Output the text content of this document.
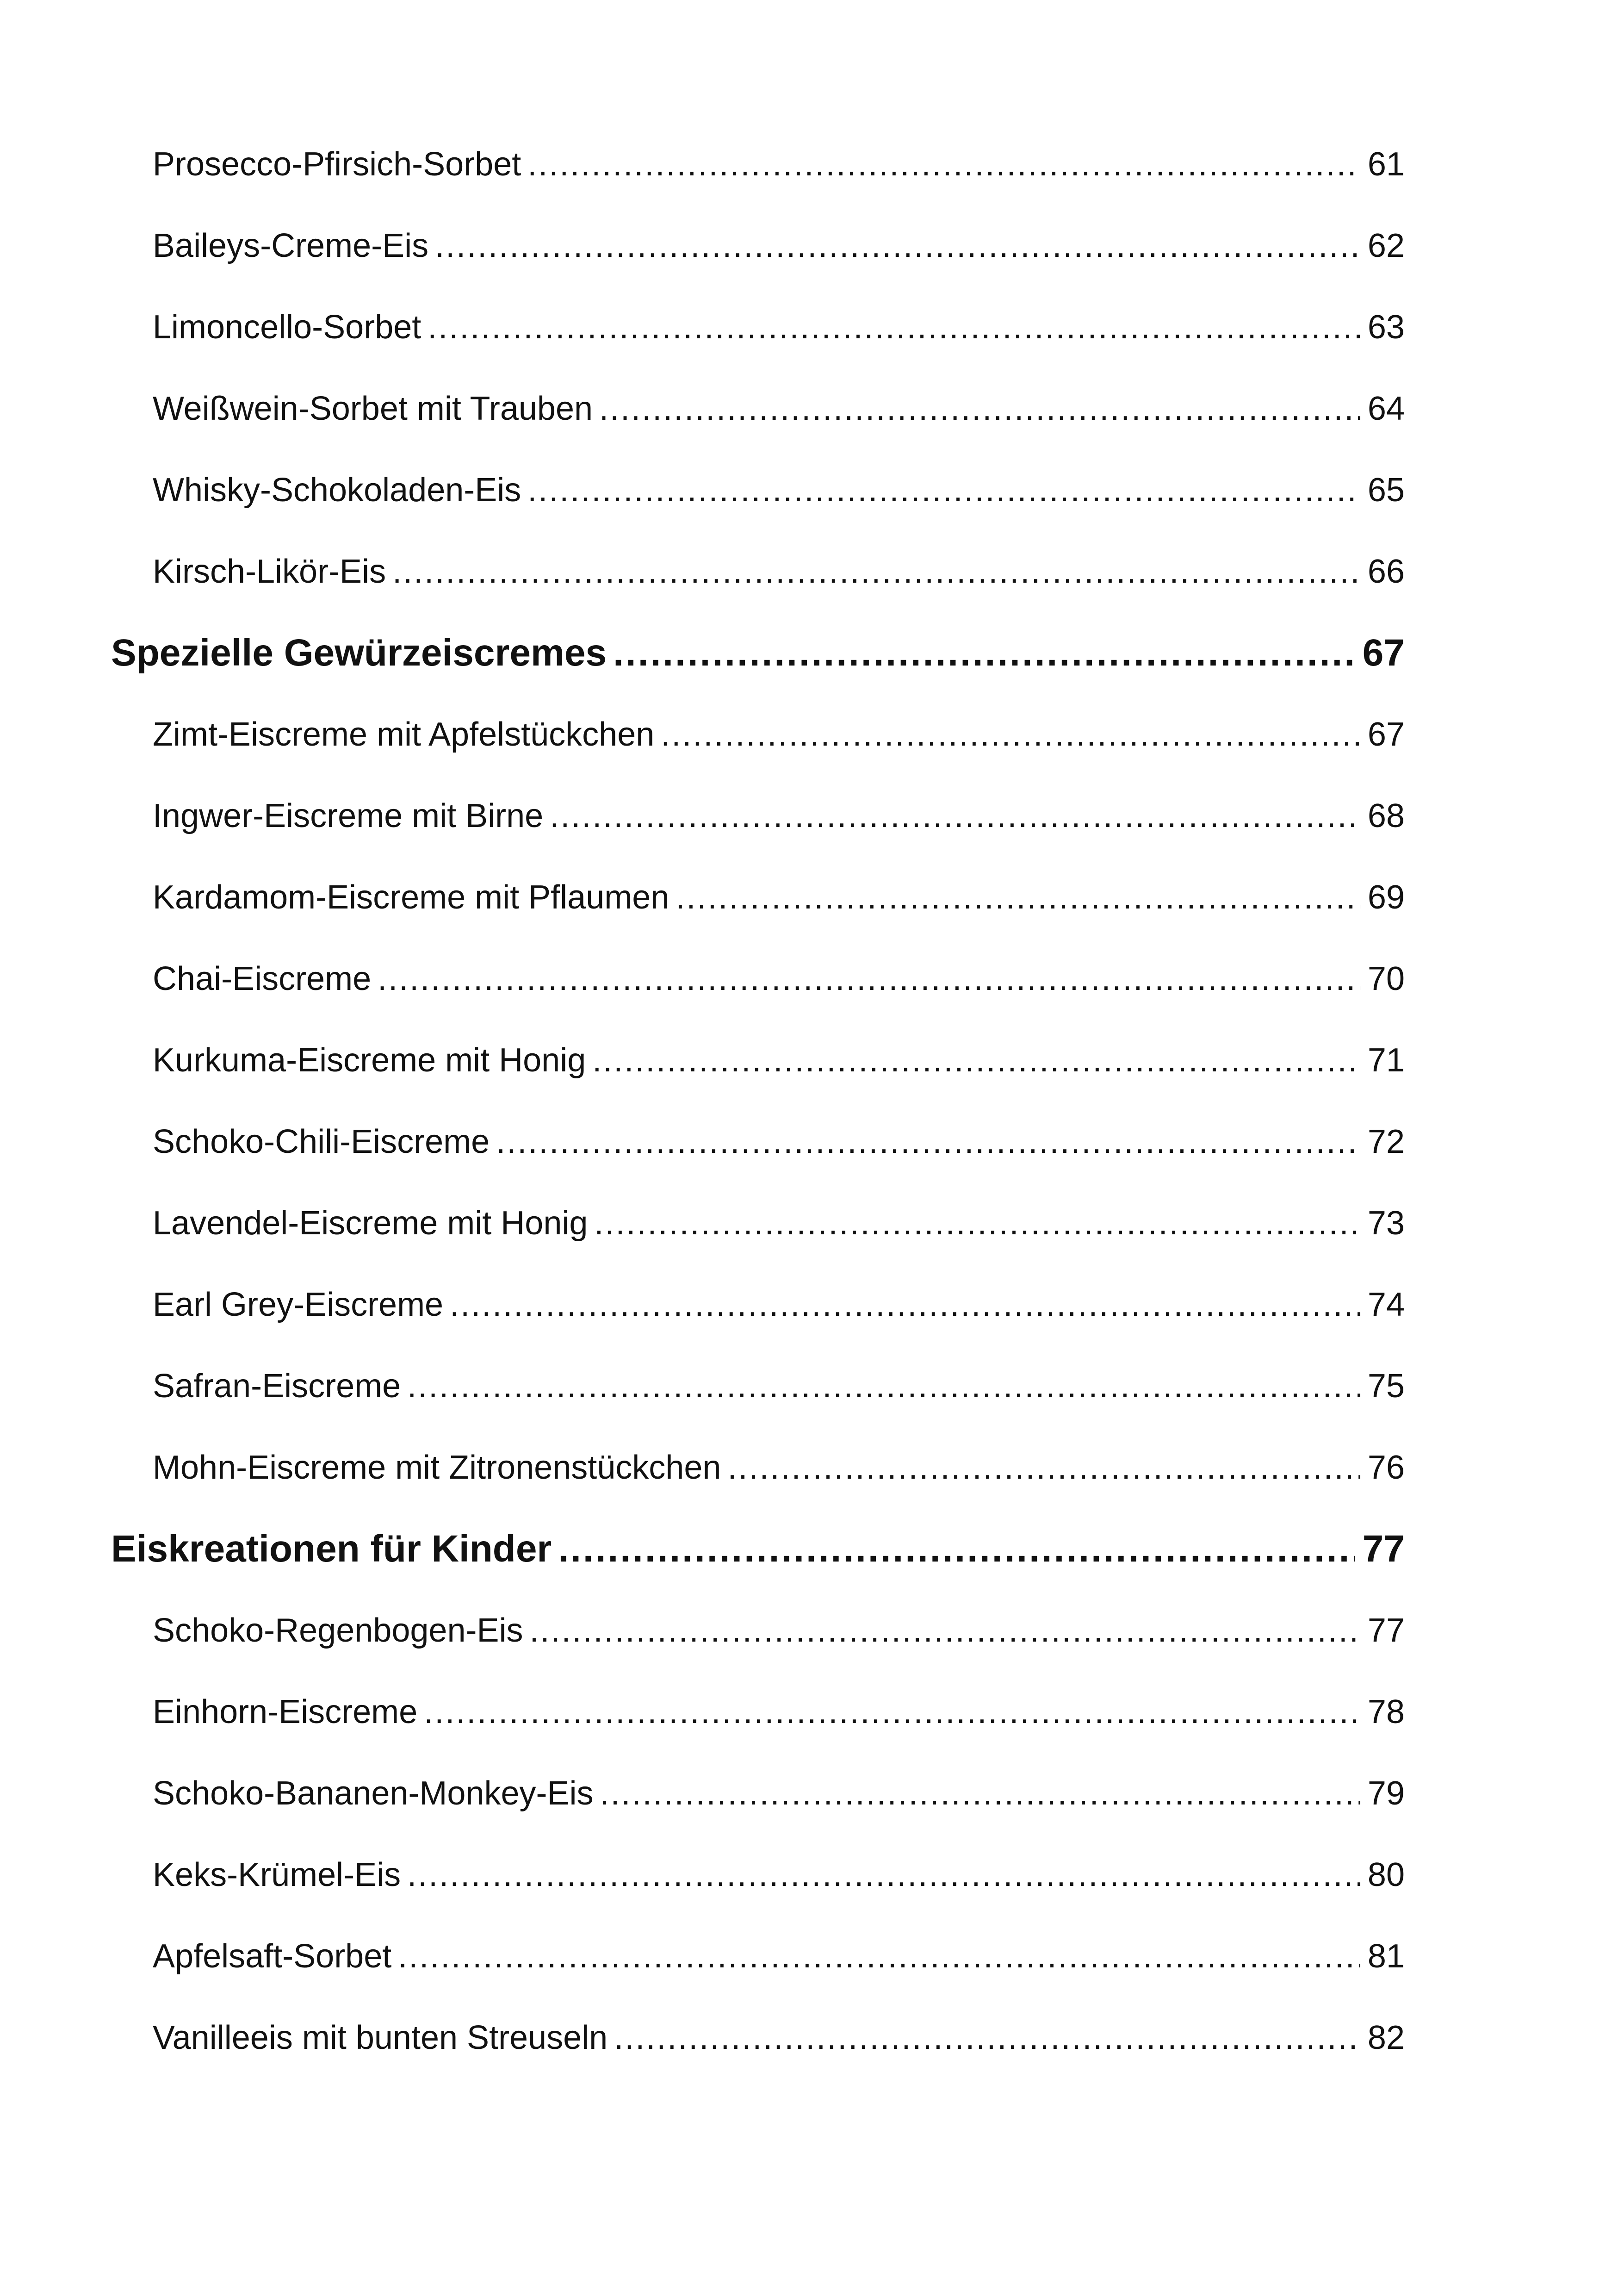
Prosecco-Pfirsich-Sorbet .....	61
Baileys-Creme-Eis .....	62
Limoncello-Sorbet .....	63
Weißwein-Sorbet mit Trauben .....	64
Whisky-Schokoladen-Eis .....	65
Kirsch-Likör-Eis .....	66
Spezielle Gewürzeiscremes .....	67
Zimt-Eiscreme mit Apfelstückchen .....	67
Ingwer-Eiscreme mit Birne .....	68
Kardamom-Eiscreme mit Pflaumen .....	69
Chai-Eiscreme .....	70
Kurkuma-Eiscreme mit Honig .....	71
Schoko-Chili-Eiscreme .....	72
Lavendel-Eiscreme mit Honig .....	73
Earl Grey-Eiscreme .....	74
Safran-Eiscreme .....	75
Mohn-Eiscreme mit Zitronenstückchen .....	76
Eiskreationen für Kinder .....	77
Schoko-Regenbogen-Eis .....	77
Einhorn-Eiscreme .....	78
Schoko-Bananen-Monkey-Eis .....	79
Keks-Krümel-Eis .....	80
Apfelsaft-Sorbet .....	81
Vanilleeis mit bunten Streuseln .....	82
